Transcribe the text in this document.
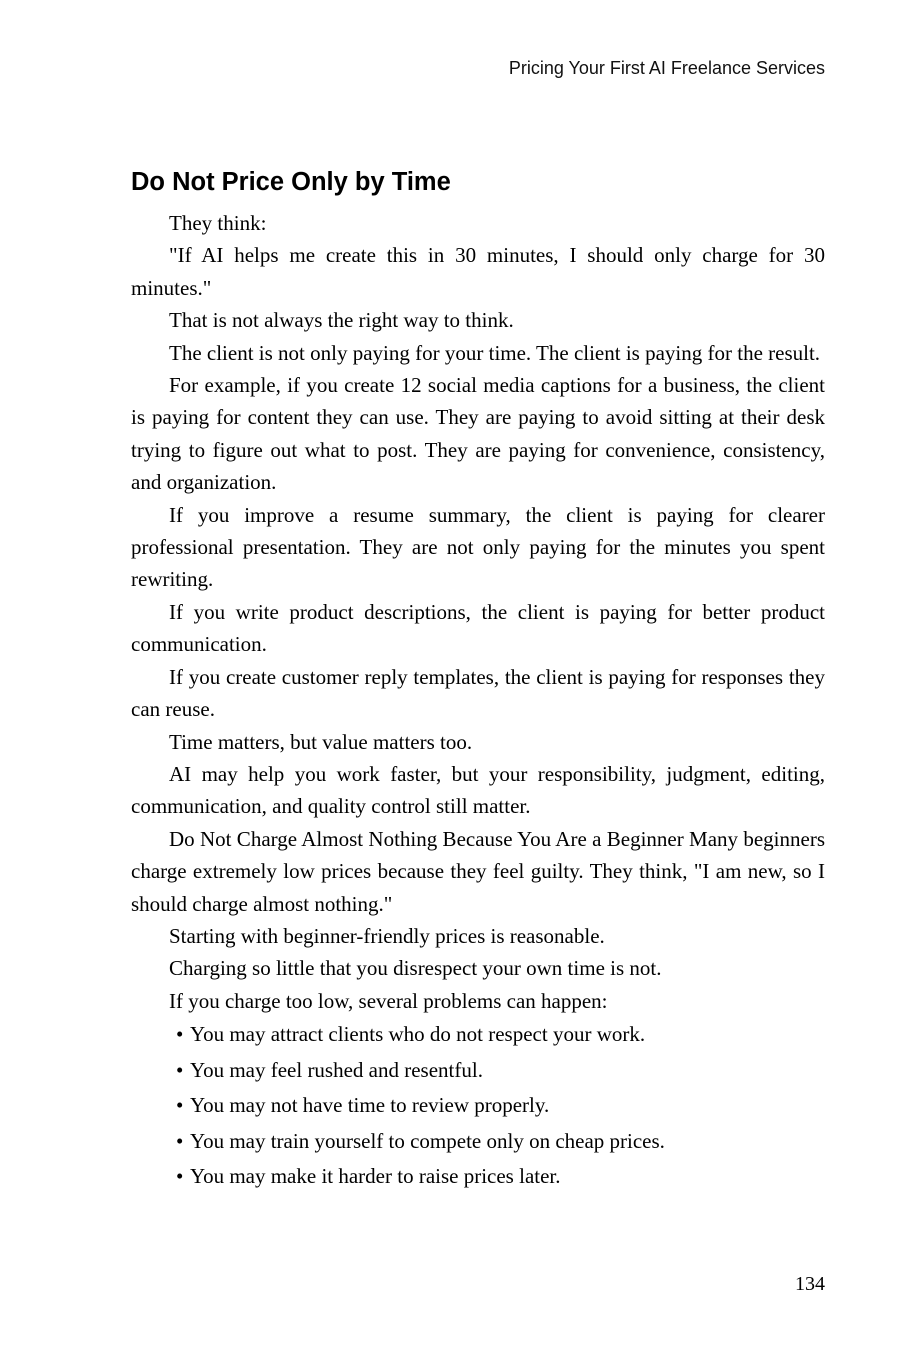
Pricing Your First AI Freelance Services
Do Not Price Only by Time

They think:

"If AI helps me create this in 30 minutes, I should only charge for 30 minutes."

That is not always the right way to think.

The client is not only paying for your time. The client is paying for the result.

For example, if you create 12 social media captions for a business, the client is paying for content they can use. They are paying to avoid sitting at their desk trying to figure out what to post. They are paying for convenience, consistency, and organization.

If you improve a resume summary, the client is paying for clearer professional presentation. They are not only paying for the minutes you spent rewriting.

If you write product descriptions, the client is paying for better product communication.

If you create customer reply templates, the client is paying for responses they can reuse.

Time matters, but value matters too.

AI may help you work faster, but your responsibility, judgment, editing, communication, and quality control still matter.

Do Not Charge Almost Nothing Because You Are a Beginner Many beginners charge extremely low prices because they feel guilty. They think, "I am new, so I should charge almost nothing."

Starting with beginner-friendly prices is reasonable.

Charging so little that you disrespect your own time is not.

If you charge too low, several problems can happen:

• You may attract clients who do not respect your work.
• You may feel rushed and resentful.
• You may not have time to review properly.
• You may train yourself to compete only on cheap prices.
• You may make it harder to raise prices later.
134
